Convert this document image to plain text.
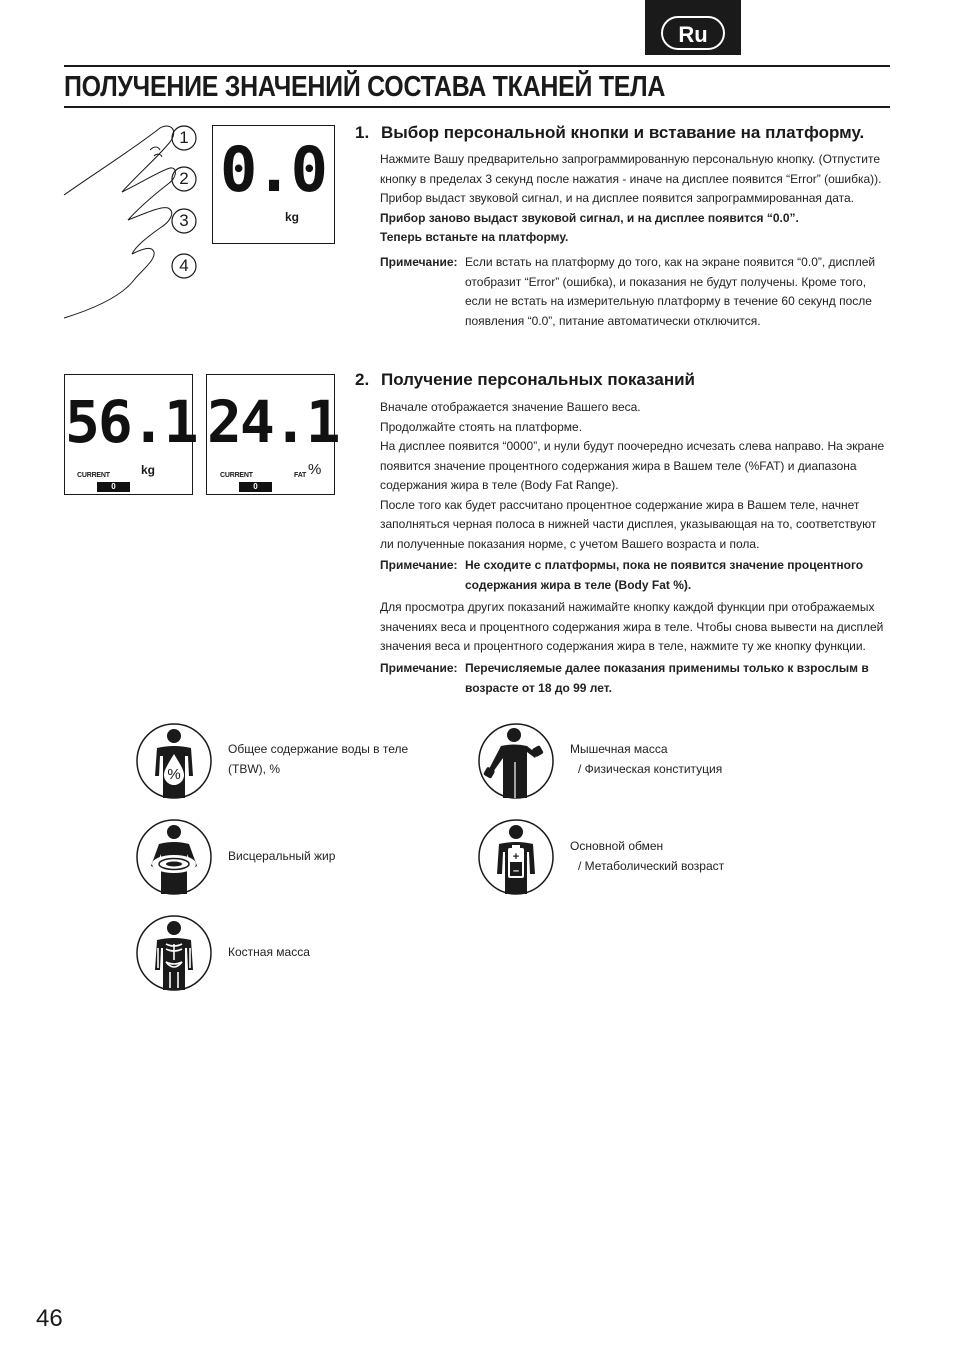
Ru
ПОЛУЧЕНИЕ ЗНАЧЕНИЙ СОСТАВА ТКАНЕЙ ТЕЛА
1
2
3
4
0.0
kg
1. Выбор персональной кнопки и вставание на платформу.

Нажмите Вашу предварительно запрограммированную персональную кнопку. (Отпустите кнопку в пределах 3 секунд после нажатия - иначе на дисплее появится “Error” (ошибка)). Прибор выдаст звуковой сигнал, и на дисплее появится запрограммированная дата.

Прибор заново выдаст звуковой сигнал, и на дисплее появится “0.0”.

Теперь встаньте на платформу.

Примечание: Если встать на платформу до того, как на экране появится “0.0”, дисплей отобразит “Error” (ошибка), и показания не будут получены. Кроме того, если не встать на измерительную платформу в течение 60 секунд после появления “0.0”, питание автоматически отключится.
56.1
kg
CURRENT
0
24.1
FAT %
CURRENT
0
2. Получение персональных показаний

Вначале отображается значение Вашего веса.

Продолжайте стоять на платформе.

На дисплее появится “0000”, и нули будут поочередно исчезать слева направо. На экране появится значение процентного содержания жира в Вашем теле (%FAT) и диапазона содержания жира в теле (Body Fat Range).

После того как будет рассчитано процентное содержание жира в Вашем теле, начнет заполняться черная полоса в нижней части дисплея, указывающая на то, соответствуют ли полученные показания норме, с учетом Вашего возраста и пола.

Примечание: Не сходите с платформы, пока не появится значение процентного содержания жира в теле (Body Fat %).

Для просмотра других показаний нажимайте кнопку каждой функции при отображаемых значениях веса и процентного содержания жира в теле. Чтобы снова вывести на дисплей значения веса и процентного содержания жира в теле, нажмите ту же кнопку функции.

Примечание: Перечисляемые далее показания применимы только к взрослым в возрасте от 18 до 99 лет.
%
Общее содержание воды в теле
(TBW), %
Висцеральный жир
Костная масса
Мышечная масса
/ Физическая конституция
+
–
Основной обмен
/ Метаболический возраст
46
